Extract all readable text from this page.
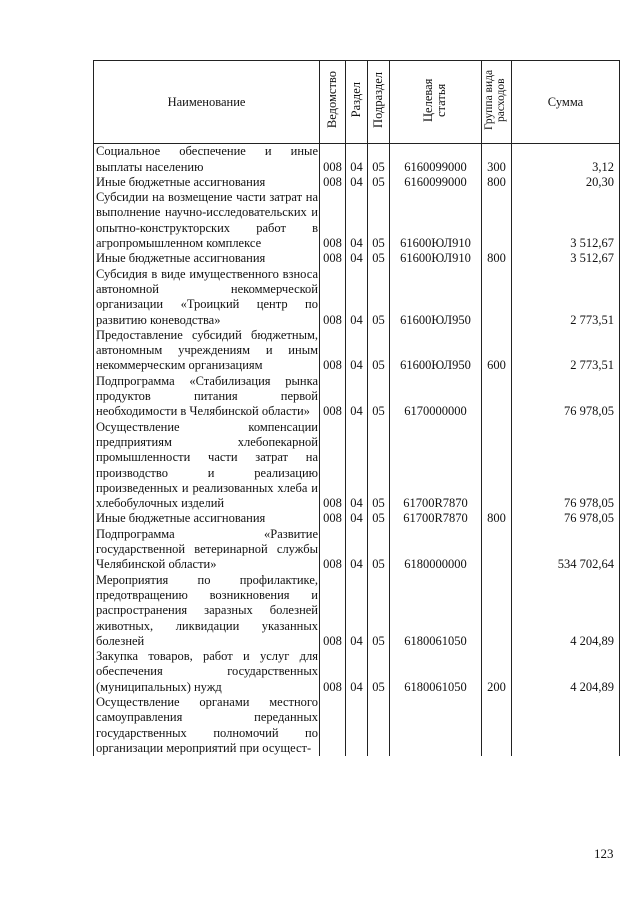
Наименование	Ведомство	Раздел	Подраздел	Целевая статья	Группа вида расходов	Сумма
Социальное обеспечение и иные выплаты населению	008	04	05	6160099000	300	3,12
Иные бюджетные ассигнования	008	04	05	6160099000	800	20,30
Субсидии на возмещение части затрат на выполнение научно-исследовательских и опытно-конструкторских работ в агропромышленном комплексе	008	04	05	61600ЮЛ910		3 512,67
Иные бюджетные ассигнования	008	04	05	61600ЮЛ910	800	3 512,67
Субсидия в виде имущественного взноса автономной некоммерческой организации «Троицкий центр по развитию коневодства»	008	04	05	61600ЮЛ950		2 773,51
Предоставление субсидий бюджетным, автономным учреждениям и иным некоммерческим организациям	008	04	05	61600ЮЛ950	600	2 773,51
Подпрограмма «Стабилизация рынка продуктов питания первой необходимости в Челябинской области»	008	04	05	6170000000		76 978,05
Осуществление компенсации предприятиям хлебопекарной промышленности части затрат на производство и реализацию произведенных и реализованных хлеба и хлебобулочных изделий	008	04	05	61700R7870		76 978,05
Иные бюджетные ассигнования	008	04	05	61700R7870	800	76 978,05
Подпрограмма «Развитие государственной ветеринарной службы Челябинской области»	008	04	05	6180000000		534 702,64
Мероприятия по профилактике, предотвращению возникновения и распространения заразных болезней животных, ликвидации указанных болезней	008	04	05	6180061050		4 204,89
Закупка товаров, работ и услуг для обеспечения государственных (муниципальных) нужд	008	04	05	6180061050	200	4 204,89
Осуществление органами местного самоуправления переданных государственных полномочий по организации мероприятий при осущест-						
123
